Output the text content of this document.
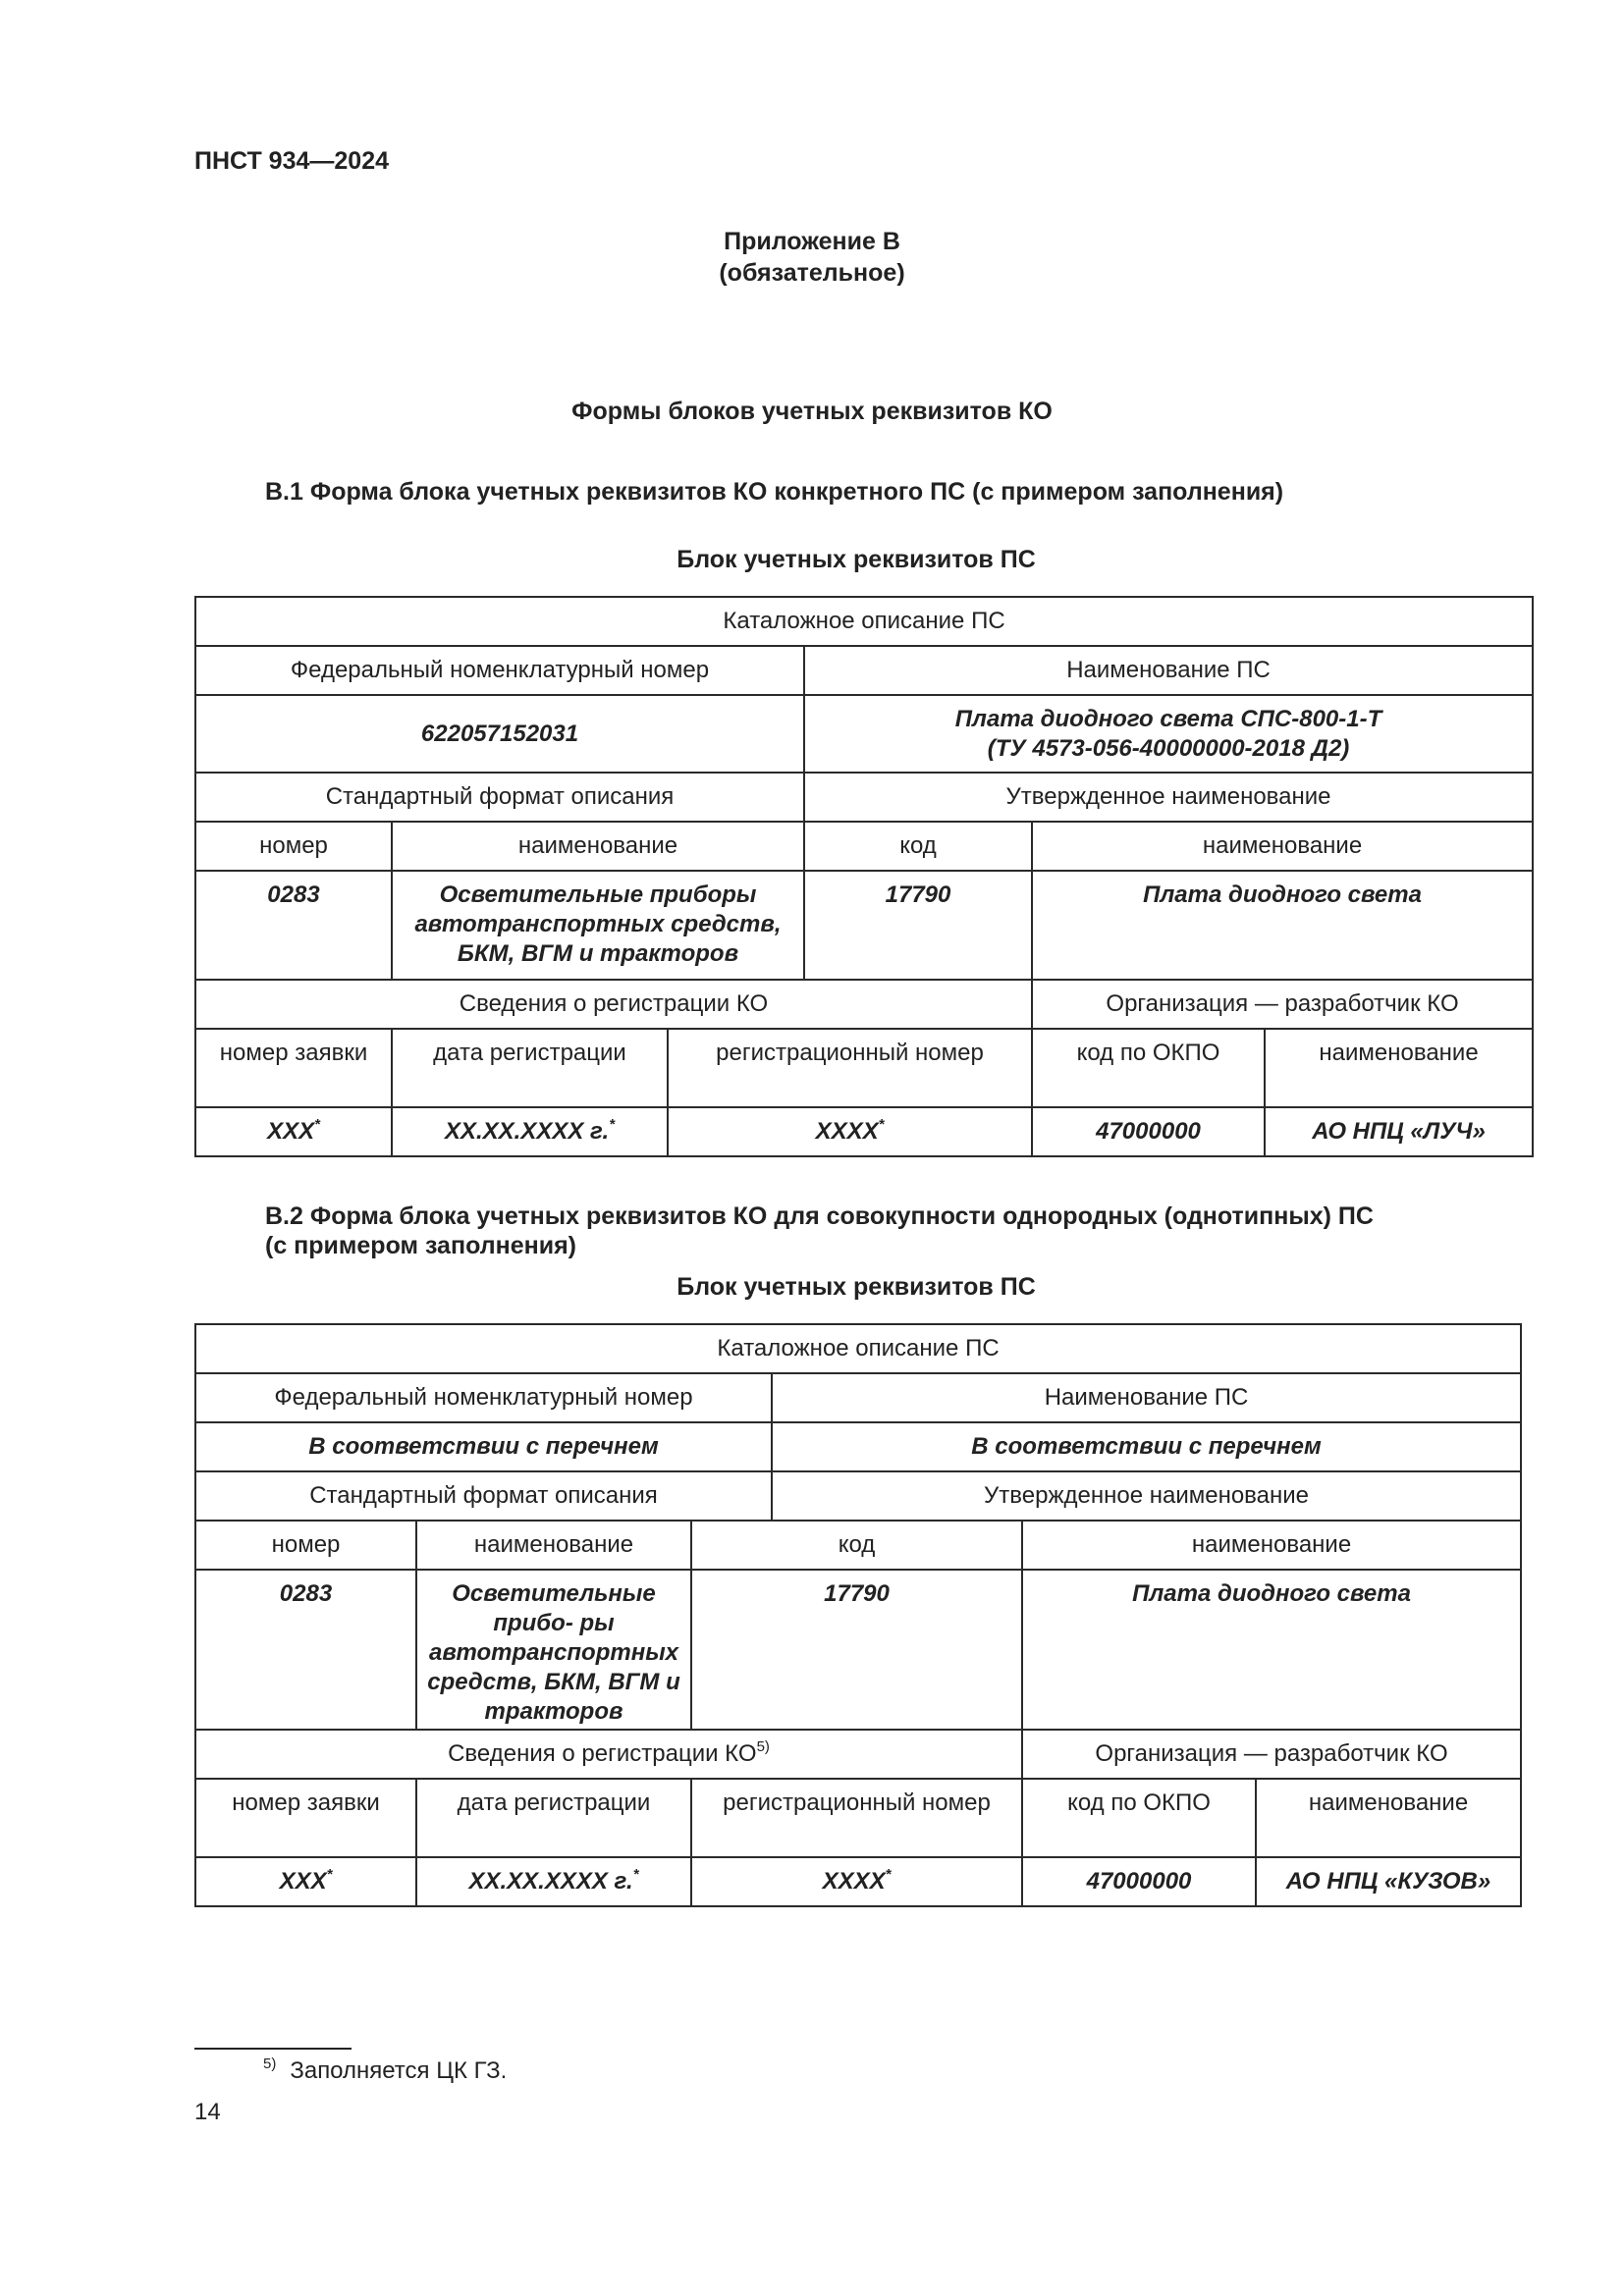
ПНСТ 934—2024
Приложение В
(обязательное)
Формы блоков учетных реквизитов КО
В.1 Форма блока учетных реквизитов КО конкретного ПС (с примером заполнения)
Блок учетных реквизитов ПС
Каталожное описание ПС					
Федеральный номенклатурный номер			Наименование ПС		
622057152031			Плата диодного света СПС-800-1-Т
(ТУ 4573-056-40000000-2018 Д2)		

Стандартный формат описания			Утвержденное наименование		
номер	наименование		код	наименование	
0283	Осветительные приборы автотранспортных средств, БКМ, ВГМ и тракторов		17790	Плата диодного света	
Сведения о регистрации КО				Организация — разработчик КО	
номер заявки	дата регистрации	регистрационный номер		код по ОКПО	наименование
ХХХ*	ХХ.ХХ.ХХХХ г.*	ХХХХ*		47000000	АО НПЦ «ЛУЧ»
В.2 Форма блока учетных реквизитов КО для совокупности однородных (однотипных) ПС
(с примером заполнения)
Блок учетных реквизитов ПС
Каталожное описание ПС					
Федеральный номенклатурный номер			Наименование ПС		
В соответствии с перечнем			В соответствии с перечнем		
Стандартный формат описания			Утвержденное наименование		
номер	наименование	код		наименование	
0283	Осветительные прибо- ры автотранспортных средств, БКМ, ВГМ и тракторов	17790		Плата диодного света	
Сведения о регистрации КО$^{5)}$				Организация — разработчик КО	
номер заявки	дата регистрации	регистрационный номер		код по ОКПО	наименование
ХХХ*	ХХ.ХХ.ХХХХ г.*	ХХХХ*		47000000	АО НПЦ «КУЗОВ»
$^{5)}$ Заполняется ЦК ГЗ.
14
